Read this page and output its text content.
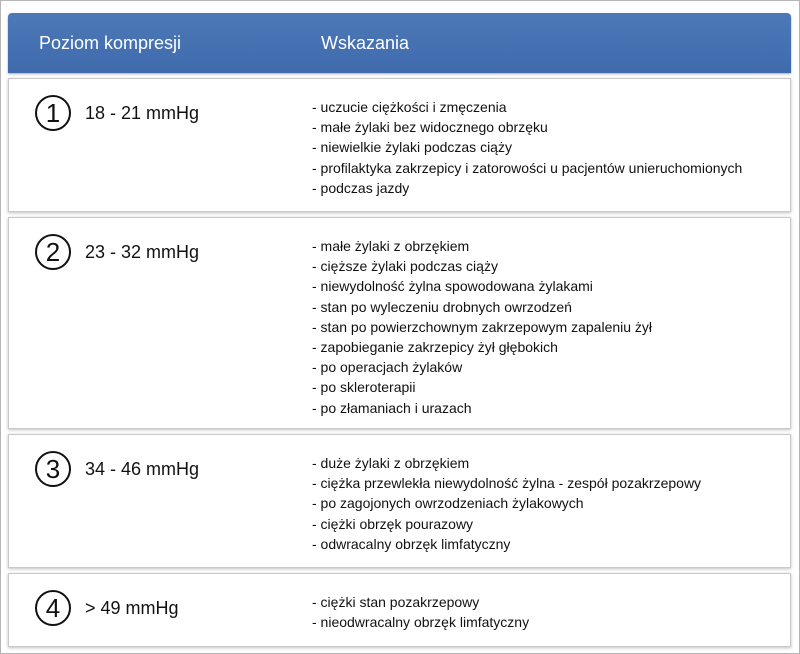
Poziom kompresji	Wskazania
1	18 - 21 mmHg	- uczucie ciężkości i zmęczenia
- małe żylaki bez widocznego obrzęku
- niewielkie żylaki podczas ciąży
- profilaktyka zakrzepicy i zatorowości u pacjentów unieruchomionych
- podczas jazdy
2	23 - 32 mmHg	- małe żylaki z obrzękiem
- cięższe żylaki podczas ciąży
- niewydolność żylna spowodowana żylakami
- stan po wyleczeniu drobnych owrzodzeń
- stan po powierzchownym zakrzepowym zapaleniu żył
- zapobieganie zakrzepicy żył głębokich
- po operacjach żylaków
- po skleroterapii
- po złamaniach i urazach
3	34 - 46 mmHg	- duże żylaki z obrzękiem
- ciężka przewlekła niewydolność żylna - zespół pozakrzepowy
- po zagojonych owrzodzeniach żylakowych
- ciężki obrzęk pourazowy
- odwracalny obrzęk limfatyczny
4	> 49 mmHg	- ciężki stan pozakrzepowy
- nieodwracalny obrzęk limfatyczny
